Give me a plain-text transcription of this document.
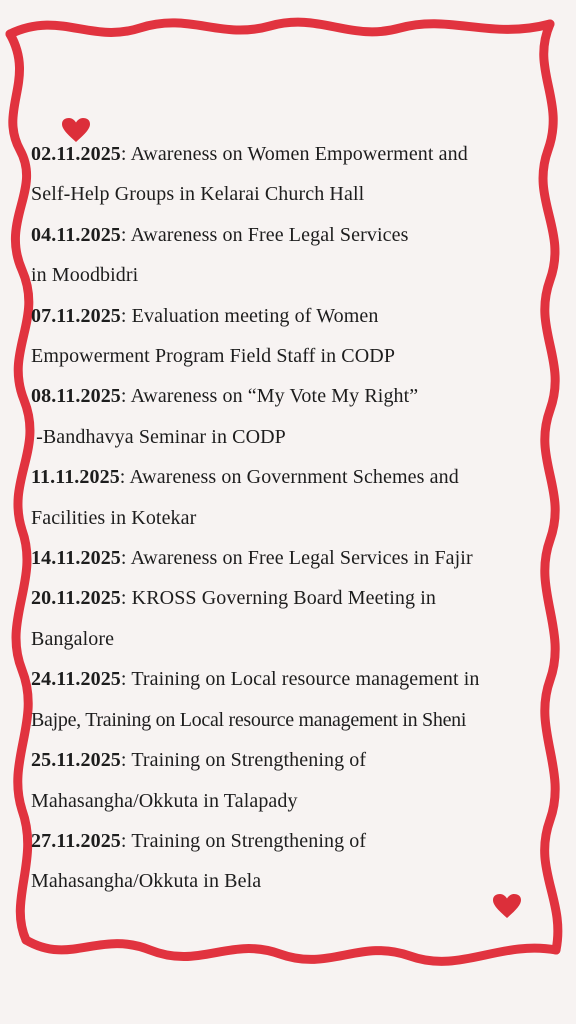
02.11.2025: Awareness on Women Empowerment and
Self-Help Groups in Kelarai Church Hall

04.11.2025: Awareness on Free Legal Services
in Moodbidri

07.11.2025: Evaluation meeting of Women
Empowerment Program Field Staff in CODP

08.11.2025: Awareness on “My Vote My Right”
-Bandhavya Seminar in CODP

11.11.2025: Awareness on Government Schemes and
Facilities in Kotekar

14.11.2025: Awareness on Free Legal Services in Fajir

20.11.2025: KROSS Governing Board Meeting in
Bangalore

24.11.2025: Training on Local resource management in
Bajpe, Training on Local resource management in Sheni

25.11.2025: Training on Strengthening of
Mahasangha/Okkuta in Talapady

27.11.2025: Training on Strengthening of
Mahasangha/Okkuta in Bela
